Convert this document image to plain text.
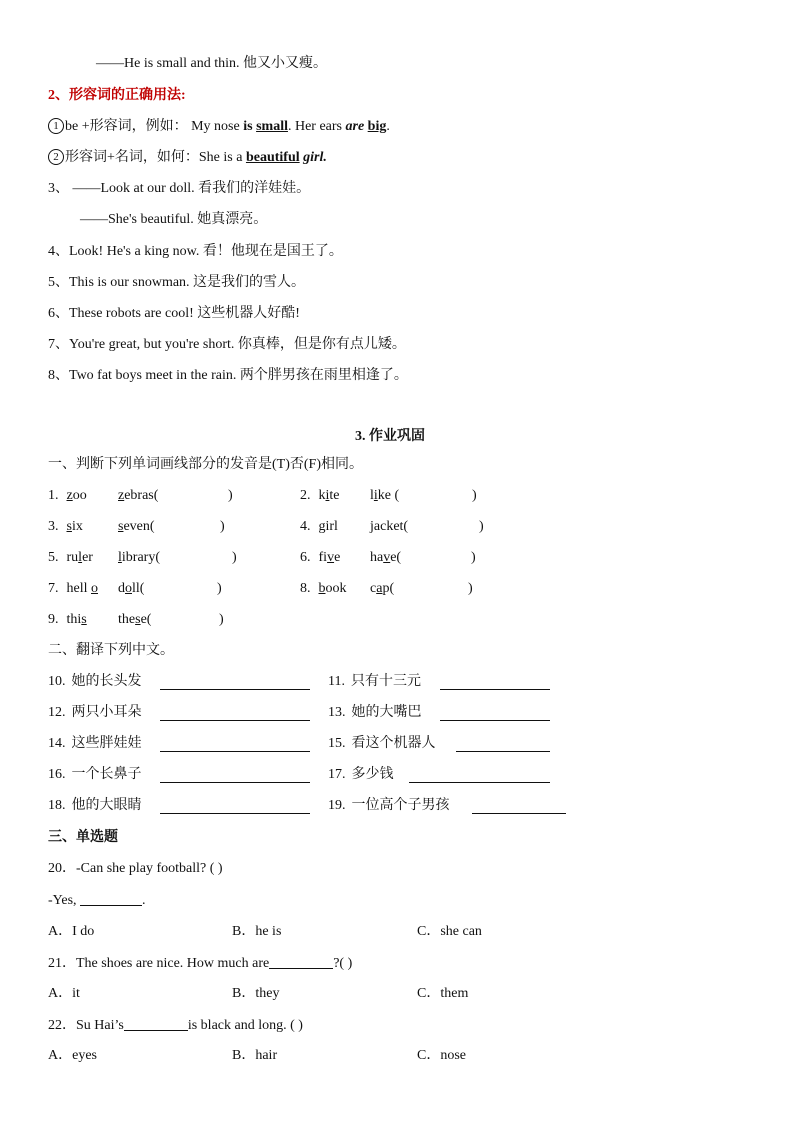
——He is small and thin. 他又小又瘦。
2、形容词的正确用法:
1 be +形容词，例如： My nose is small. Her ears are big.
2 形容词+名词，如何：She is a beautiful girl.
3、 ——Look at our doll. 看我们的洋娃娃。
——She's beautiful. 她真漂亮。
4、Look! He's a king now. 看！他现在是国王了。
5、This is our snowman. 这是我们的雪人。
6、These robots are cool! 这些机器人好酷!
7、You're great, but you're short. 你真棒，但是你有点儿矮。
8、Two fat boys meet in the rain. 两个胖男孩在雨里相逢了。
3. 作业巩固
一、判断下列单词画线部分的发音是(T)否(F)相同。
1. zoo zebras(	)	2. kite like (	)
3. six	seven(	)	4. girl jacket(	)
5. ruler library(	)	6. five have(	)
7. hell o doll(	)	8. book cap(	)
9. this these(	)
二、翻译下列中文。
10. 她的长头发	11. 只有十三元
12. 两只小耳朵	13. 她的大嘴巴
14. 这些胖娃娃	15. 看这个机器人
16. 一个长鼻子	17. 多少钱
18. 他的大眼睛	19. 一位高个子男孩
三、单选题
20．-Can she play football? ( )
-Yes,	.
A．I do	B．he is	C．she can
21．The shoes are nice. How much are	?( )
A．it	B．they	C．them
22．Su Hai’s	is black and long. ( )
A．eyes	B．hair	C．nose
